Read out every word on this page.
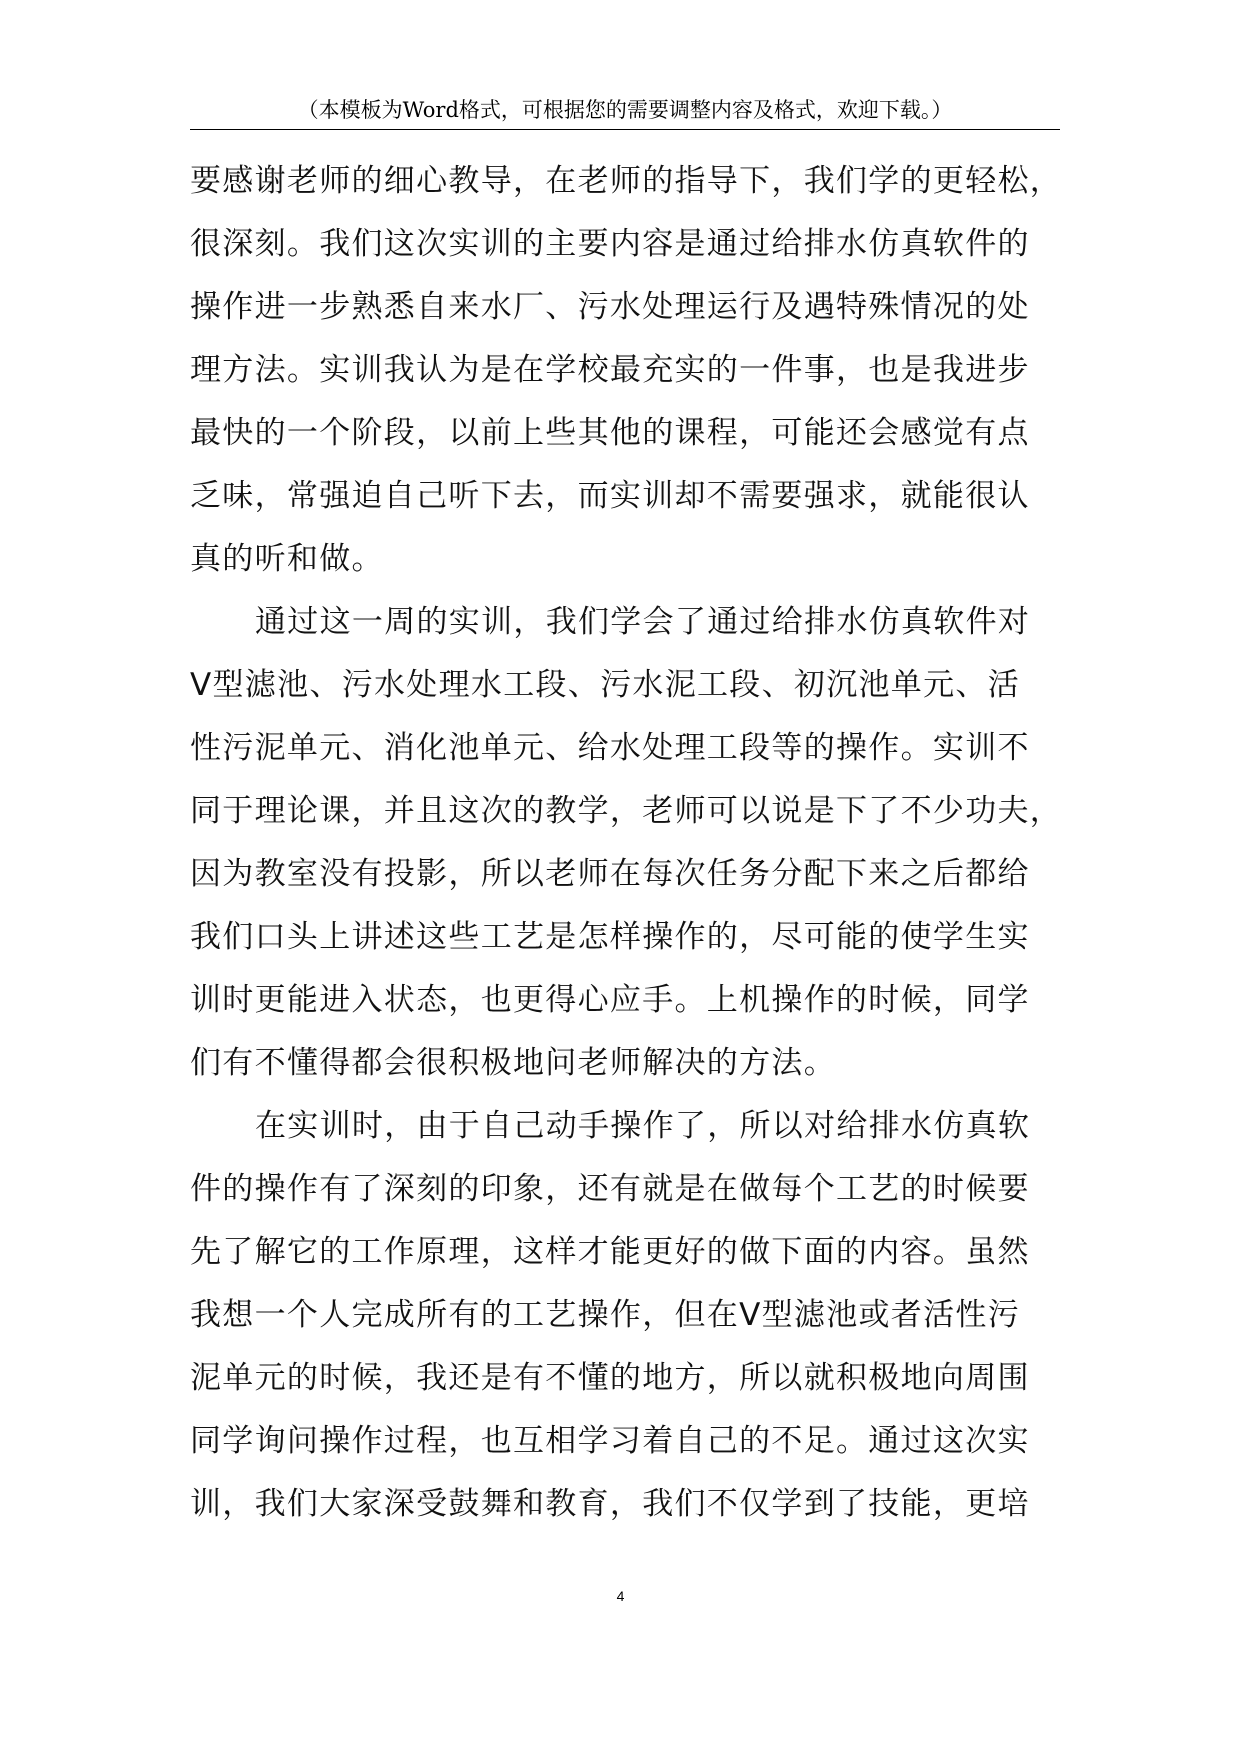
（本模板为Word格式，可根据您的需要调整内容及格式，欢迎下载。）
要感谢老师的细心教导，在老师的指导下，我们学的更轻松，
很深刻。我们这次实训的主要内容是通过给排水仿真软件的
操作进一步熟悉自来水厂、污水处理运行及遇特殊情况的处
理方法。实训我认为是在学校最充实的一件事，也是我进步
最快的一个阶段，以前上些其他的课程，可能还会感觉有点
乏味，常强迫自己听下去，而实训却不需要强求，就能很认
真的听和做。
通过这一周的实训，我们学会了通过给排水仿真软件对
V型滤池、污水处理水工段、污水泥工段、初沉池单元、活
性污泥单元、消化池单元、给水处理工段等的操作。实训不
同于理论课，并且这次的教学，老师可以说是下了不少功夫，
因为教室没有投影，所以老师在每次任务分配下来之后都给
我们口头上讲述这些工艺是怎样操作的，尽可能的使学生实
训时更能进入状态，也更得心应手。上机操作的时候，同学
们有不懂得都会很积极地问老师解决的方法。
在实训时，由于自己动手操作了，所以对给排水仿真软
件的操作有了深刻的印象，还有就是在做每个工艺的时候要
先了解它的工作原理，这样才能更好的做下面的内容。虽然
我想一个人完成所有的工艺操作，但在V型滤池或者活性污
泥单元的时候，我还是有不懂的地方，所以就积极地向周围
同学询问操作过程，也互相学习着自己的不足。通过这次实
训，我们大家深受鼓舞和教育，我们不仅学到了技能，更培
4
